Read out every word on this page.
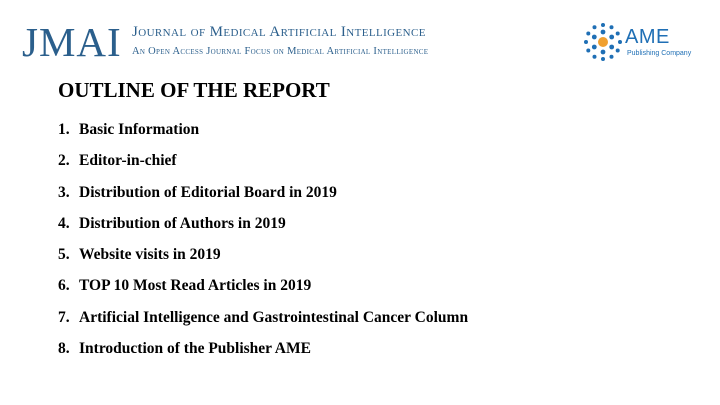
JMAI Journal of Medical Artificial Intelligence
An Open Access Journal Focus on Medical Artificial Intelligence
AME
Publishing Company
OUTLINE OF THE REPORT
1. Basic Information
2. Editor-in-chief
3. Distribution of Editorial Board in 2019
4. Distribution of Authors in 2019
5. Website visits in 2019
6. TOP 10 Most Read Articles in 2019
7. Artificial Intelligence and Gastrointestinal Cancer Column
8. Introduction of the Publisher AME
